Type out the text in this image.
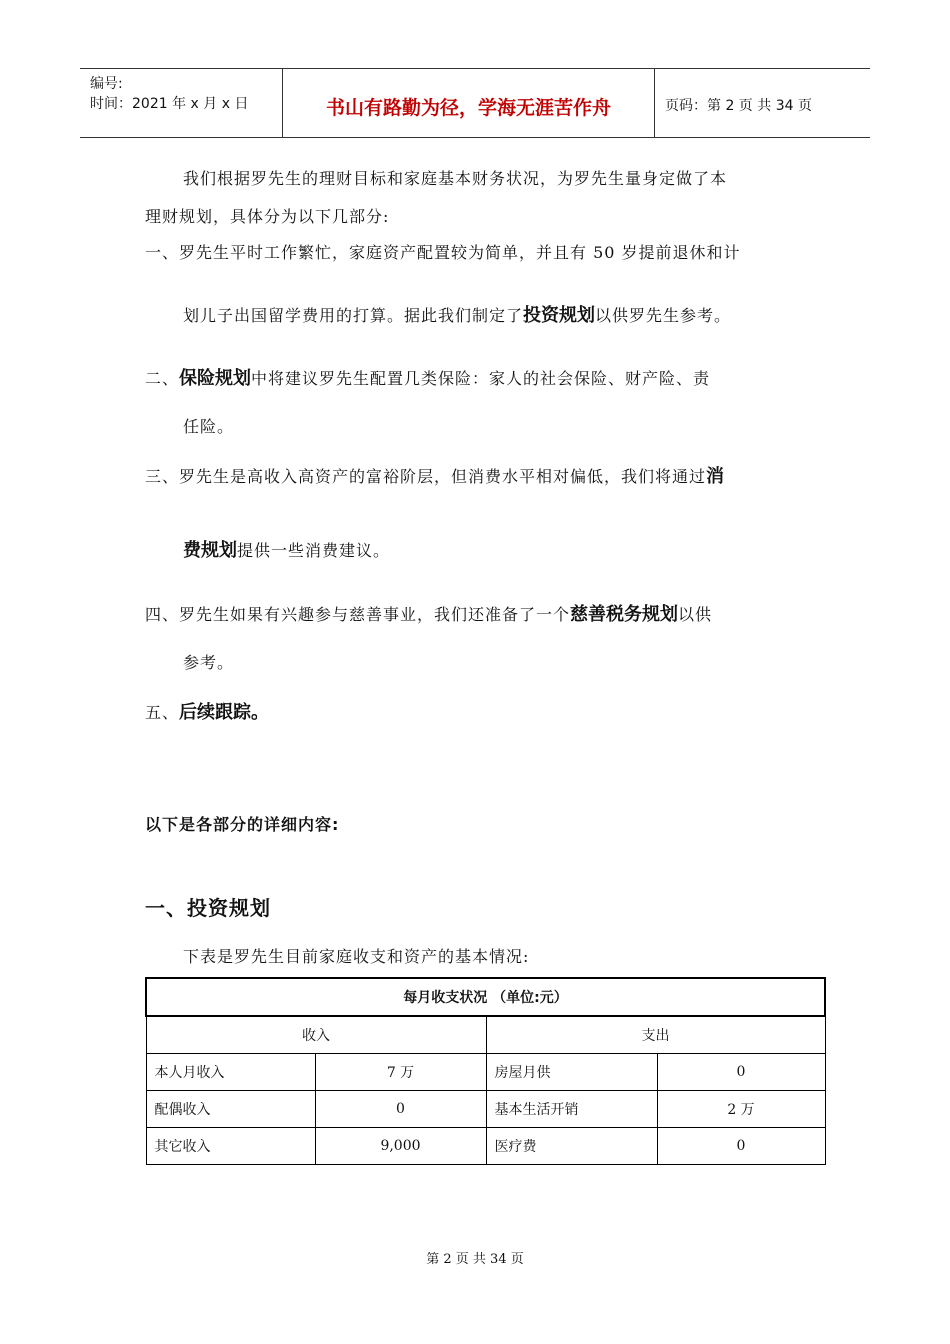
编号:
时间：2021 年 x 月 x 日	书山有路勤为径，学海无涯苦作舟	页码：第 2 页 共 34 页
我们根据罗先生的理财目标和家庭基本财务状况，为罗先生量身定做了本
理财规划，具体分为以下几部分:
一、罗先生平时工作繁忙，家庭资产配置较为简单，并且有 50 岁提前退休和计
划儿子出国留学费用的打算。据此我们制定了投资规划以供罗先生参考。
二、保险规划中将建议罗先生配置几类保险：家人的社会保险、财产险、责
任险。
三、罗先生是高收入高资产的富裕阶层，但消费水平相对偏低，我们将通过消
费规划提供一些消费建议。
四、罗先生如果有兴趣参与慈善事业，我们还准备了一个慈善税务规划以供
参考。
五、后续跟踪。
以下是各部分的详细内容:
一、投资规划
下表是罗先生目前家庭收支和资产的基本情况:
每月收支状况 （单位:元）			
收入		支出	
本人月收入	7 万	房屋月供	0
配偶收入	0	基本生活开销	2 万
其它收入	9,000	医疗费	0
第 2 页 共 34 页
